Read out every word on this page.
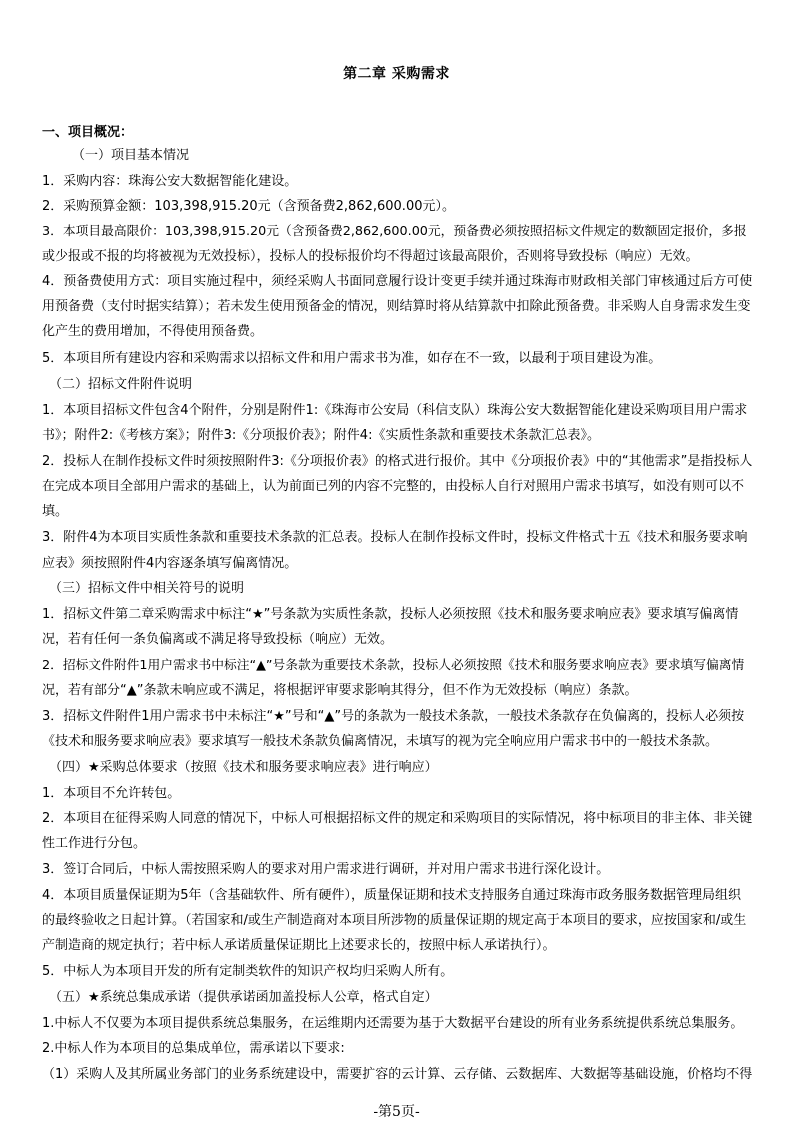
第二章 采购需求
一、项目概况：
（一）项目基本情况
1．采购内容：珠海公安大数据智能化建设。
2．采购预算金额：103,398,915.20元（含预备费2,862,600.00元）。
3．本项目最高限价：103,398,915.20元（含预备费2,862,600.00元，预备费必须按照招标文件规定的数额固定报价，多报
或少报或不报的均将被视为无效投标），投标人的投标报价均不得超过该最高限价，否则将导致投标（响应）无效。
4．预备费使用方式：项目实施过程中，须经采购人书面同意履行设计变更手续并通过珠海市财政相关部门审核通过后方可使
用预备费（支付时据实结算）；若未发生使用预备金的情况，则结算时将从结算款中扣除此预备费。非采购人自身需求发生变
化产生的费用增加，不得使用预备费。
5．本项目所有建设内容和采购需求以招标文件和用户需求书为准，如存在不一致，以最利于项目建设为准。
（二）招标文件附件说明
1．本项目招标文件包含4个附件，分别是附件1:《珠海市公安局（科信支队）珠海公安大数据智能化建设采购项目用户需求
书》；附件2:《考核方案》；附件3:《分项报价表》；附件4:《实质性条款和重要技术条款汇总表》。
2．投标人在制作投标文件时须按照附件3:《分项报价表》的格式进行报价。其中《分项报价表》中的“其他需求”是指投标人
在完成本项目全部用户需求的基础上，认为前面已列的内容不完整的，由投标人自行对照用户需求书填写，如没有则可以不
填。
3．附件4为本项目实质性条款和重要技术条款的汇总表。投标人在制作投标文件时，投标文件格式十五《技术和服务要求响
应表》须按照附件4内容逐条填写偏离情况。
（三）招标文件中相关符号的说明
1．招标文件第二章采购需求中标注“★”号条款为实质性条款，投标人必须按照《技术和服务要求响应表》要求填写偏离情
况，若有任何一条负偏离或不满足将导致投标（响应）无效。
2．招标文件附件1用户需求书中标注“▲”号条款为重要技术条款，投标人必须按照《技术和服务要求响应表》要求填写偏离情
况，若有部分“▲”条款未响应或不满足，将根据评审要求影响其得分，但不作为无效投标（响应）条款。
3．招标文件附件1用户需求书中未标注“★”号和“▲”号的条款为一般技术条款，一般技术条款存在负偏离的，投标人必须按
《技术和服务要求响应表》要求填写一般技术条款负偏离情况，未填写的视为完全响应用户需求书中的一般技术条款。
（四）★采购总体要求（按照《技术和服务要求响应表》进行响应）
1．本项目不允许转包。
2．本项目在征得采购人同意的情况下，中标人可根据招标文件的规定和采购项目的实际情况，将中标项目的非主体、非关键
性工作进行分包。
3．签订合同后，中标人需按照采购人的要求对用户需求进行调研，并对用户需求书进行深化设计。
4．本项目质量保证期为5年（含基础软件、所有硬件），质量保证期和技术支持服务自通过珠海市政务服务数据管理局组织
的最终验收之日起计算。（若国家和/或生产制造商对本项目所涉物的质量保证期的规定高于本项目的要求，应按国家和/或生
产制造商的规定执行；若中标人承诺质量保证期比上述要求长的，按照中标人承诺执行）。
5．中标人为本项目开发的所有定制类软件的知识产权均归采购人所有。
（五）★系统总集成承诺（提供承诺函加盖投标人公章，格式自定）
1.中标人不仅要为本项目提供系统总集服务，在运维期内还需要为基于大数据平台建设的所有业务系统提供系统总集服务。
2.中标人作为本项目的总集成单位，需承诺以下要求:
（1）采购人及其所属业务部门的业务系统建设中，需要扩容的云计算、云存储、云数据库、大数据等基础设施，价格均不得
-第5页-
